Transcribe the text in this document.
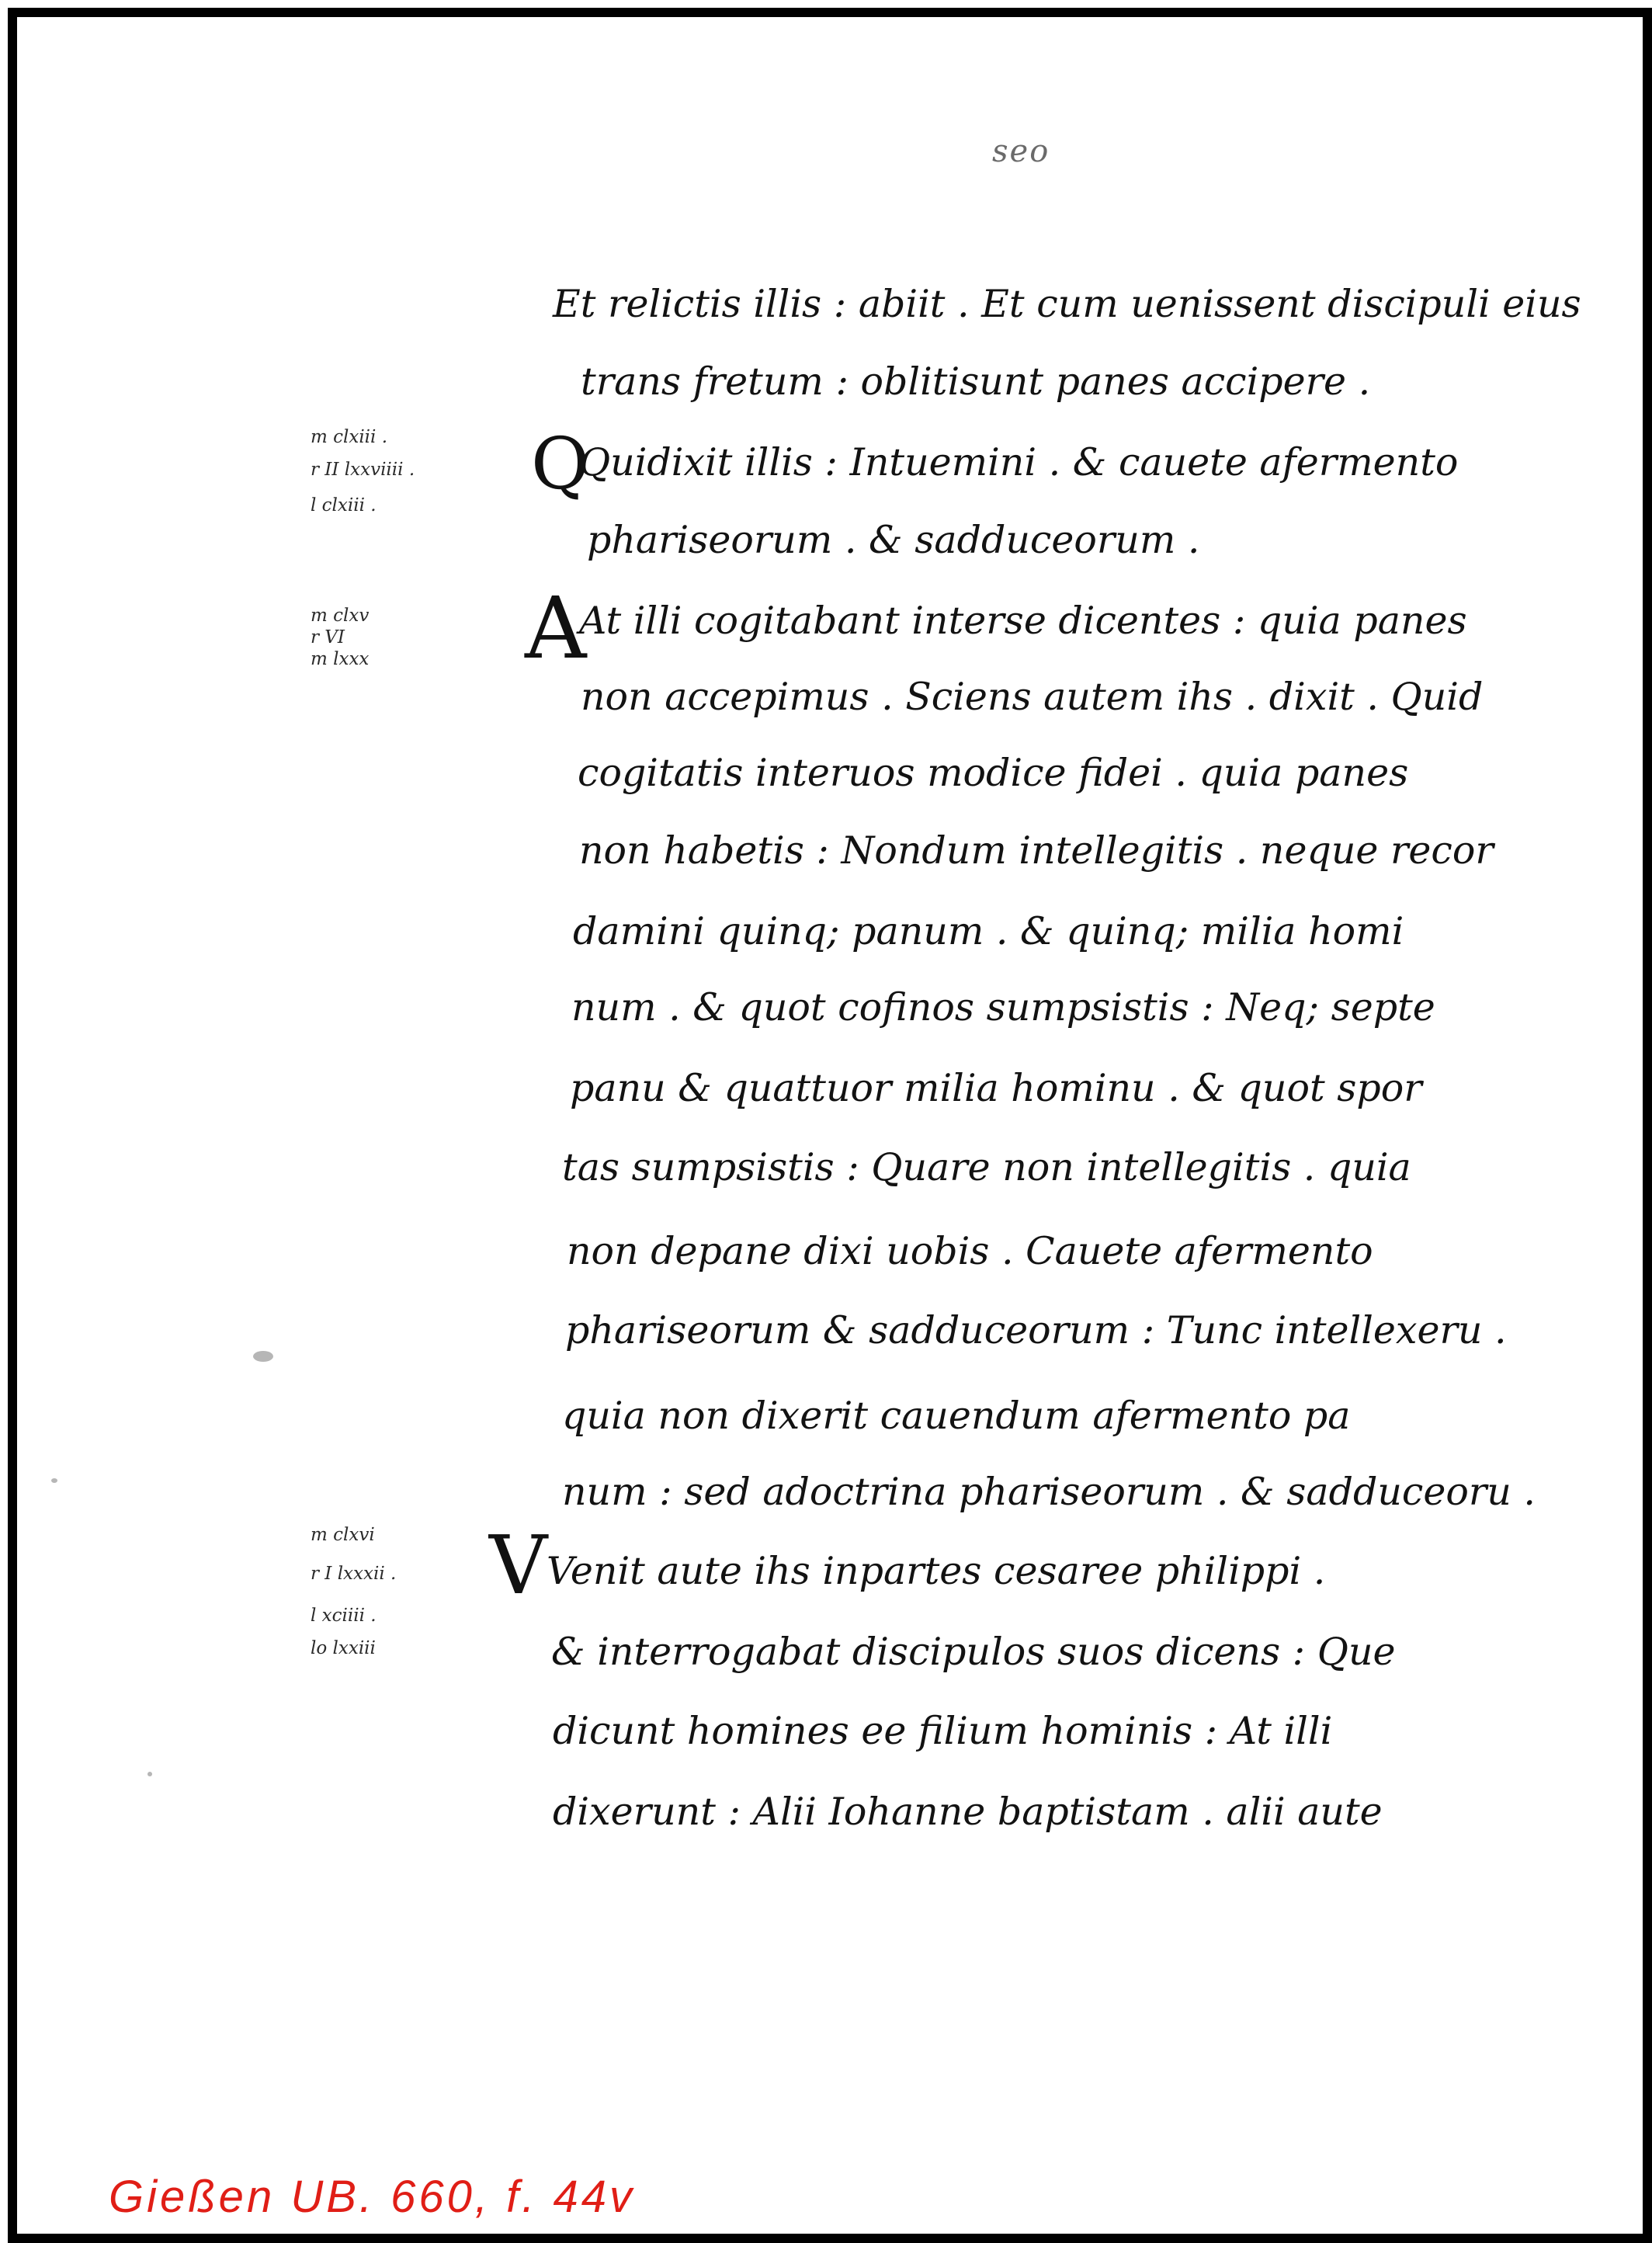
seo
Q
A
V
Et relictis illis : abiit . Et cum uenissent discipuli eius
trans fretum : oblitisunt panes accipere .
Quidixit illis : Intuemini . & cauete afermento
phariseorum . & sadduceorum .
At illi cogitabant interse dicentes : quia panes
non accepimus . Sciens autem ihs . dixit . Quid
cogitatis interuos modice fidei . quia panes
non habetis : Nondum intellegitis . neque recor
damini quinq; panum . & quinq; milia homi
num . & quot cofinos sumpsistis : Neq; septe
panu & quattuor milia hominu . & quot spor
tas sumpsistis : Quare non intellegitis . quia
non depane dixi uobis . Cauete afermento
phariseorum & sadduceorum : Tunc intellexeru .
quia non dixerit cauendum afermento pa
num : sed adoctrina phariseorum . & sadduceoru .
Venit aute ihs inpartes cesaree philippi .
& interrogabat discipulos suos dicens : Que
dicunt homines ee filium hominis : At illi
dixerunt : Alii Iohanne baptistam . alii aute
m clxiii .
r II lxxviiii .
l clxiii .
m clxv
r VI
m lxxx
m clxvi
r I lxxxii .
l xciiii .
lo lxxiii
Gießen UB. 660, f. 44v
